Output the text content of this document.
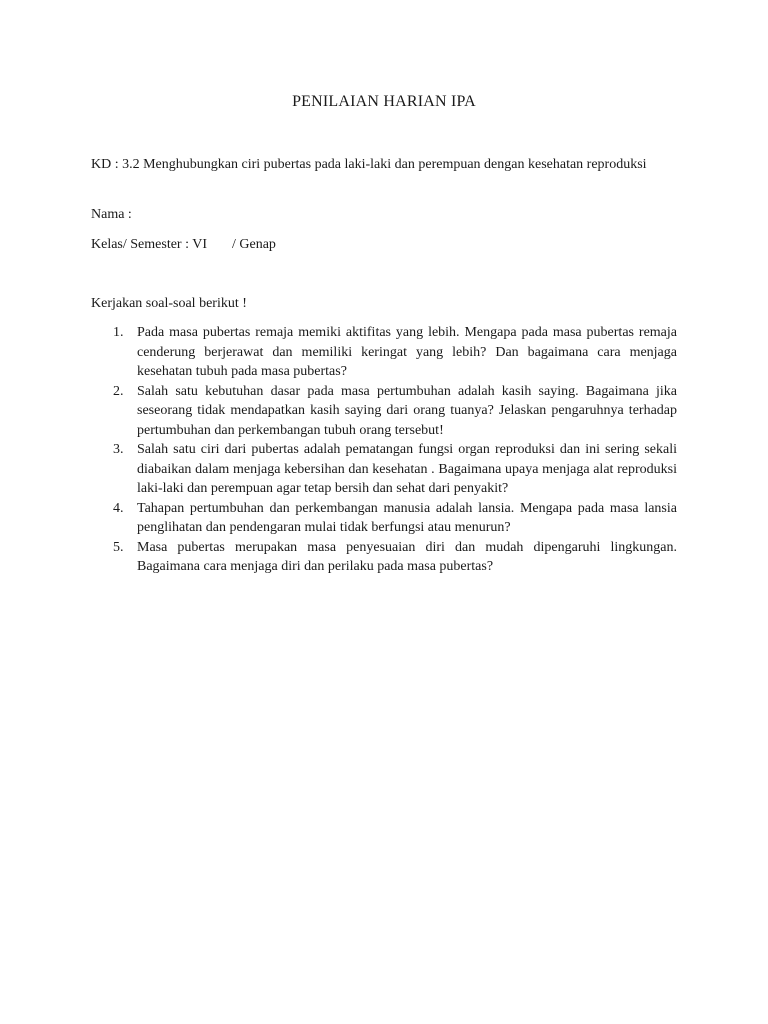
PENILAIAN HARIAN IPA
KD : 3.2 Menghubungkan ciri pubertas pada laki-laki dan perempuan dengan kesehatan reproduksi
Nama :
Kelas/ Semester : VI / Genap
Kerjakan soal-soal berikut !
1. Pada masa pubertas remaja memiki aktifitas yang lebih. Mengapa pada masa pubertas remaja cenderung berjerawat dan memiliki keringat yang lebih? Dan bagaimana cara menjaga kesehatan tubuh pada masa pubertas?
2. Salah satu kebutuhan dasar pada masa pertumbuhan adalah kasih saying. Bagaimana jika seseorang tidak mendapatkan kasih saying dari orang tuanya? Jelaskan pengaruhnya terhadap pertumbuhan dan perkembangan tubuh orang tersebut!
3. Salah satu ciri dari pubertas adalah pematangan fungsi organ reproduksi dan ini sering sekali diabaikan dalam menjaga kebersihan dan kesehatan . Bagaimana upaya menjaga alat reproduksi laki-laki dan perempuan agar tetap bersih dan sehat dari penyakit?
4. Tahapan pertumbuhan dan perkembangan manusia adalah lansia. Mengapa pada masa lansia penglihatan dan pendengaran mulai tidak berfungsi atau menurun?
5. Masa pubertas merupakan masa penyesuaian diri dan mudah dipengaruhi lingkungan. Bagaimana cara menjaga diri dan perilaku pada masa pubertas?
